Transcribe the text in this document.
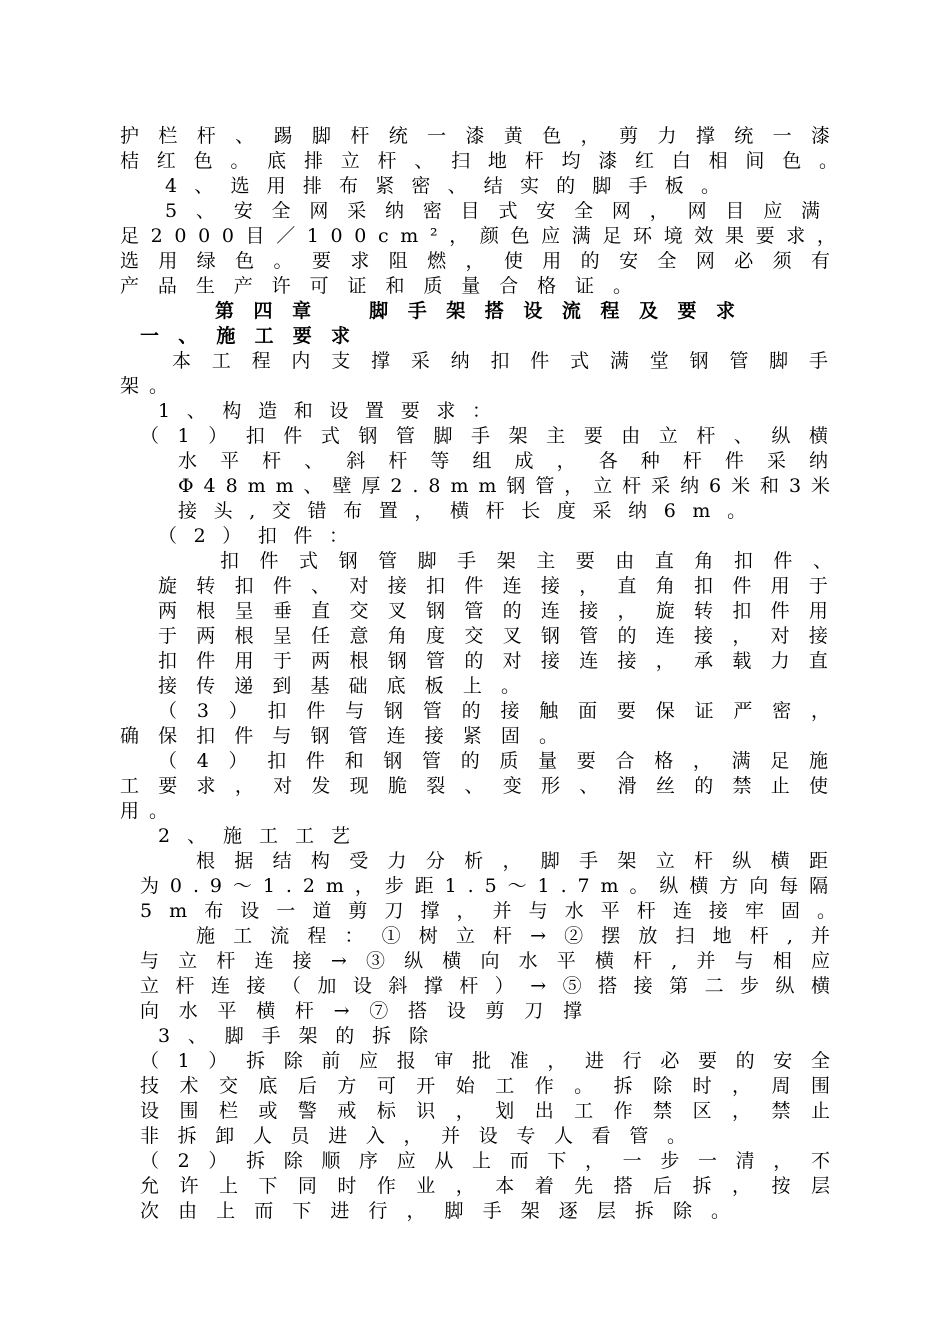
护栏杆、踢脚杆统一漆黄色，剪力撑统一漆
桔红色。底排立杆、扫地杆均漆红白相间色。
4、选用排布紧密、结实的脚手板。
5、安全网采纳密目式安全网，网目应满
足2000目／100cm²，颜色应满足环境效果要求，
选用绿色。要求阻燃，使用的安全网必须有
产品生产许可证和质量合格证。
第四章　脚手架搭设流程及要求
一、施工要求
本工程内支撑采纳扣件式满堂钢管脚手
架。
1、构造和设置要求：
（1）扣件式钢管脚手架主要由立杆、纵横
水平杆、斜杆等组成，各种杆件采纳
Φ48mm、壁厚2.8mm钢管，立杆采纳6米和3米
接头,交错布置，横杆长度采纳6m。
（2）扣件：
扣件式钢管脚手架主要由直角扣件、
旋转扣件、对接扣件连接，直角扣件用于
两根呈垂直交叉钢管的连接，旋转扣件用
于两根呈任意角度交叉钢管的连接，对接
扣件用于两根钢管的对接连接，承载力直
接传递到基础底板上。
（3）扣件与钢管的接触面要保证严密，
确保扣件与钢管连接紧固。
（4）扣件和钢管的质量要合格，满足施
工要求，对发现脆裂、变形、滑丝的禁止使
用。
2、施工工艺
根据结构受力分析，脚手架立杆纵横距
为0.9～1.2m，步距1.5～1.7m。纵横方向每隔
5m布设一道剪刀撑，并与水平杆连接牢固。
施工流程：①树立杆→②摆放扫地杆,并
与立杆连接→③纵横向水平横杆,并与相应
立杆连接（加设斜撑杆）→⑤搭接第二步纵横
向水平横杆→⑦搭设剪刀撑
3、脚手架的拆除
（1）拆除前应报审批准，进行必要的安全
技术交底后方可开始工作。拆除时，周围
设围栏或警戒标识，划出工作禁区，禁止
非拆卸人员进入，并设专人看管。
（2）拆除顺序应从上而下，一步一清，不
允许上下同时作业，本着先搭后拆，按层
次由上而下进行，脚手架逐层拆除。
